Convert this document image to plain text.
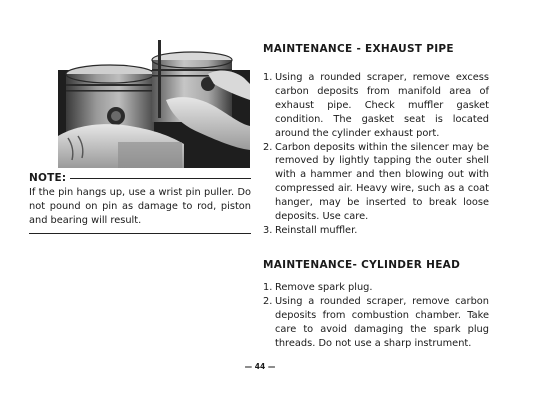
NOTE:
If the pin hangs up, use a wrist pin puller. Do not pound on pin as damage to rod, piston and bearing will result.
MAINTENANCE - EXHAUST PIPE
1. Using a rounded scraper, remove excess carbon deposits from manifold area of exhaust pipe. Check muffler gasket condition. The gasket seat is located around the cylinder exhaust port.
2. Carbon deposits within the silencer may be removed by lightly tapping the outer shell with a hammer and then blowing out with compressed air. Heavy wire, such as a coat hanger, may be inserted to break loose deposits. Use care.
3. Reinstall muffler.
MAINTENANCE- CYLINDER HEAD
1. Remove spark plug.
2. Using a rounded scraper, remove carbon deposits from combustion chamber. Take care to avoid damaging the spark plug threads. Do not use a sharp instrument.
— 44 —
